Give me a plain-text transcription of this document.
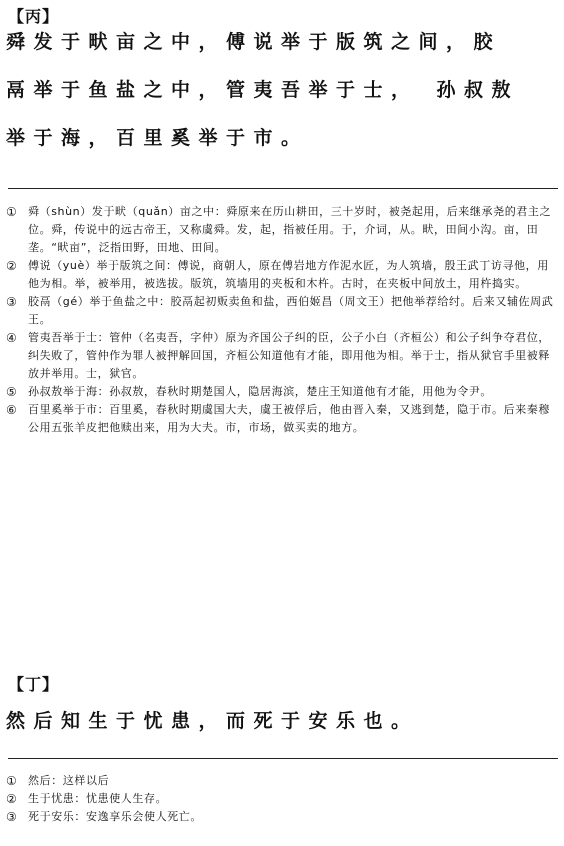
【丙】
舜发于畎亩之中，傅说举于版筑之间，胶
鬲举于鱼盐之中，管夷吾举于士，　孙叔敖
举于海，百里奚举于市。
①	舜（shùn）发于畎（quǎn）亩之中：舜原来在历山耕田，三十岁时，被尧起用，后来继承尧的君主之位。舜，传说中的远古帝王，又称虞舜。发，起，指被任用。于，介词，从。畎，田间小沟。亩，田垄。“畎亩”，泛指田野，田地、田间。
②	傅说（yuè）举于版筑之间：傅说，商朝人，原在傅岩地方作泥水匠，为人筑墙，殷王武丁访寻他，用他为相。举，被举用，被选拔。版筑，筑墙用的夹板和木杵。古时，在夹板中间放土，用杵捣实。
③	胶鬲（gé）举于鱼盐之中：胶鬲起初贩卖鱼和盐，西伯姬昌（周文王）把他举荐给纣。后来又辅佐周武王。
④	管夷吾举于士：管仲（名夷吾，字仲）原为齐国公子纠的臣，公子小白（齐桓公）和公子纠争夺君位，纠失败了，管仲作为罪人被押解回国，齐桓公知道他有才能，即用他为相。举于士，指从狱官手里被释放并举用。士，狱官。
⑤	孙叔敖举于海：孙叔敖，春秋时期楚国人，隐居海滨，楚庄王知道他有才能，用他为令尹。
⑥	百里奚举于市：百里奚，春秋时期虞国大夫，虞王被俘后，他由晋入秦，又逃到楚，隐于市。后来秦穆公用五张羊皮把他赎出来，用为大夫。市，市场，做买卖的地方。
【丁】
然后知生于忧患，而死于安乐也。
①	然后：这样以后
②	生于忧患：忧患使人生存。
③	死于安乐：安逸享乐会使人死亡。
